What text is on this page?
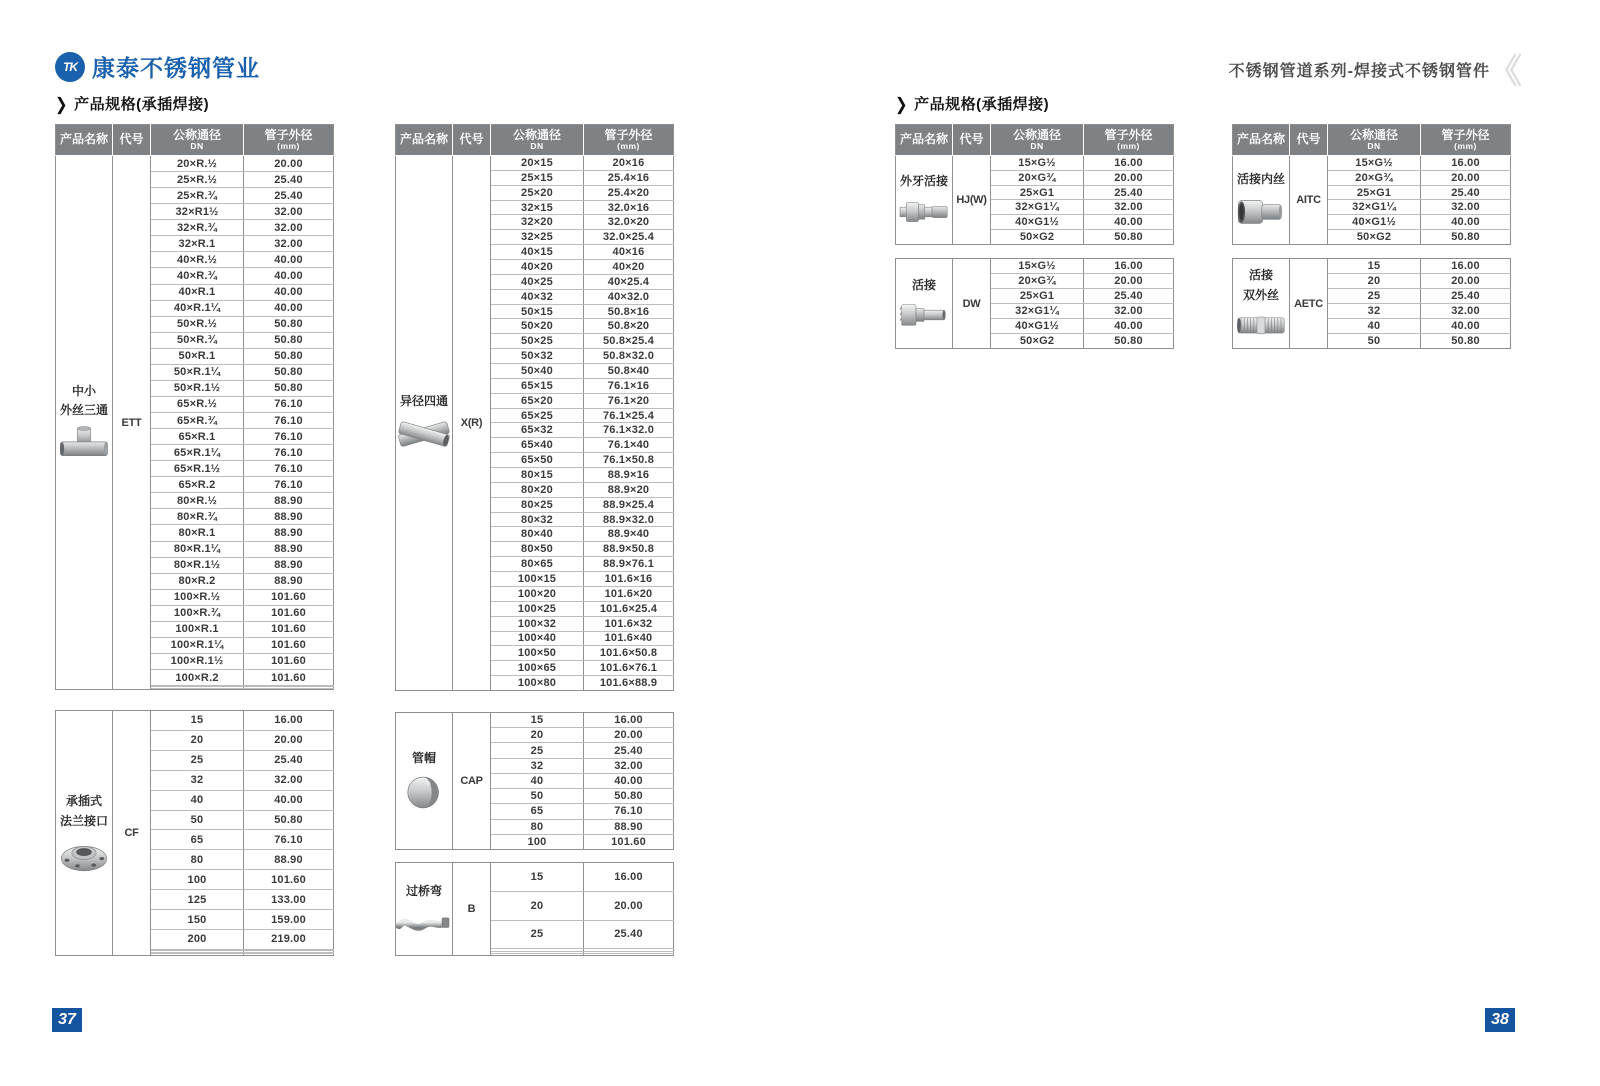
TK 康泰不锈钢管业	不锈钢管道系列-焊接式不锈钢管件
《
❯ 产品规格(承插焊接)	❯ 产品规格(承插焊接)
产品名称	代号	公称通径
DN	管子外径
(mm)

中小
外丝三通	ETT	20×R.½	20.00
		25×R.½	25.40
		25×R.¾	25.40
		32×R1½	32.00
		32×R.¾	32.00
		32×R.1	32.00
		40×R.½	40.00
		40×R.¾	40.00
		40×R.1	40.00
		40×R.1¼	40.00
		50×R.½	50.80
		50×R.¾	50.80
		50×R.1	50.80
		50×R.1¼	50.80
		50×R.1½	50.80
		65×R.½	76.10
		65×R.¾	76.10
		65×R.1	76.10
		65×R.1¼	76.10
		65×R.1½	76.10
		65×R.2	76.10
		80×R.½	88.90
		80×R.¾	88.90
		80×R.1	88.90
		80×R.1¼	88.90
		80×R.1½	88.90
		80×R.2	88.90
		100×R.½	101.60
		100×R.¾	101.60
		100×R.1	101.60
		100×R.1¼	101.60
		100×R.1½	101.60
		100×R.2	101.60

产品名称	代号	公称通径
DN	管子外径
(mm)

异径四通	X(R)	20×15	20×16
		25×15	25.4×16
		25×20	25.4×20
		32×15	32.0×16
		32×20	32.0×20
		32×25	32.0×25.4
		40×15	40×16
		40×20	40×20
		40×25	40×25.4
		40×32	40×32.0
		50×15	50.8×16
		50×20	50.8×20
		50×25	50.8×25.4
		50×32	50.8×32.0
		50×40	50.8×40
		65×15	76.1×16
		65×20	76.1×20
		65×25	76.1×25.4
		65×32	76.1×32.0
		65×40	76.1×40
		65×50	76.1×50.8
		80×15	88.9×16
		80×20	88.9×20
		80×25	88.9×25.4
		80×32	88.9×32.0
		80×40	88.9×40
		80×50	88.9×50.8
		80×65	88.9×76.1
		100×15	101.6×16
		100×20	101.6×20
		100×25	101.6×25.4
		100×32	101.6×32
		100×40	101.6×40
		100×50	101.6×50.8
		100×65	101.6×76.1
		100×80	101.6×88.9
产品名称	代号	公称通径
DN	管子外径
(mm)

外牙活接	HJ(W)	15×G½	16.00
		20×G¾	20.00
		25×G1	25.40
		32×G1¼	32.00
		40×G1½	40.00
		50×G2	50.80
活接	DW	15×G½	16.00
		20×G¾	20.00
		25×G1	25.40
		32×G1¼	32.00
		40×G1½	40.00
		50×G2	50.80
产品名称	代号	公称通径
DN	管子外径
(mm)

活接内丝	AITC	15×G½	16.00
		20×G¾	20.00
		25×G1	25.40
		32×G1¼	32.00
		40×G1½	40.00
		50×G2	50.80
活接
双外丝	AETC	15	16.00
		20	20.00
		25	25.40
		32	32.00
		40	40.00
		50	50.80
承插式
法兰接口	CF	15	16.00
		20	20.00
		25	25.40
		32	32.00
		40	40.00
		50	50.80
		65	76.10
		80	88.90
		100	101.60
		125	133.00
		150	159.00
		200	219.00

管帽	CAP	15	16.00
		20	20.00
		25	25.40
		32	32.00
		40	40.00
		50	50.80
		65	76.10
		80	88.90
		100	101.60
过桥弯	B	15	16.00
		20	20.00
		25	25.40

37	38
